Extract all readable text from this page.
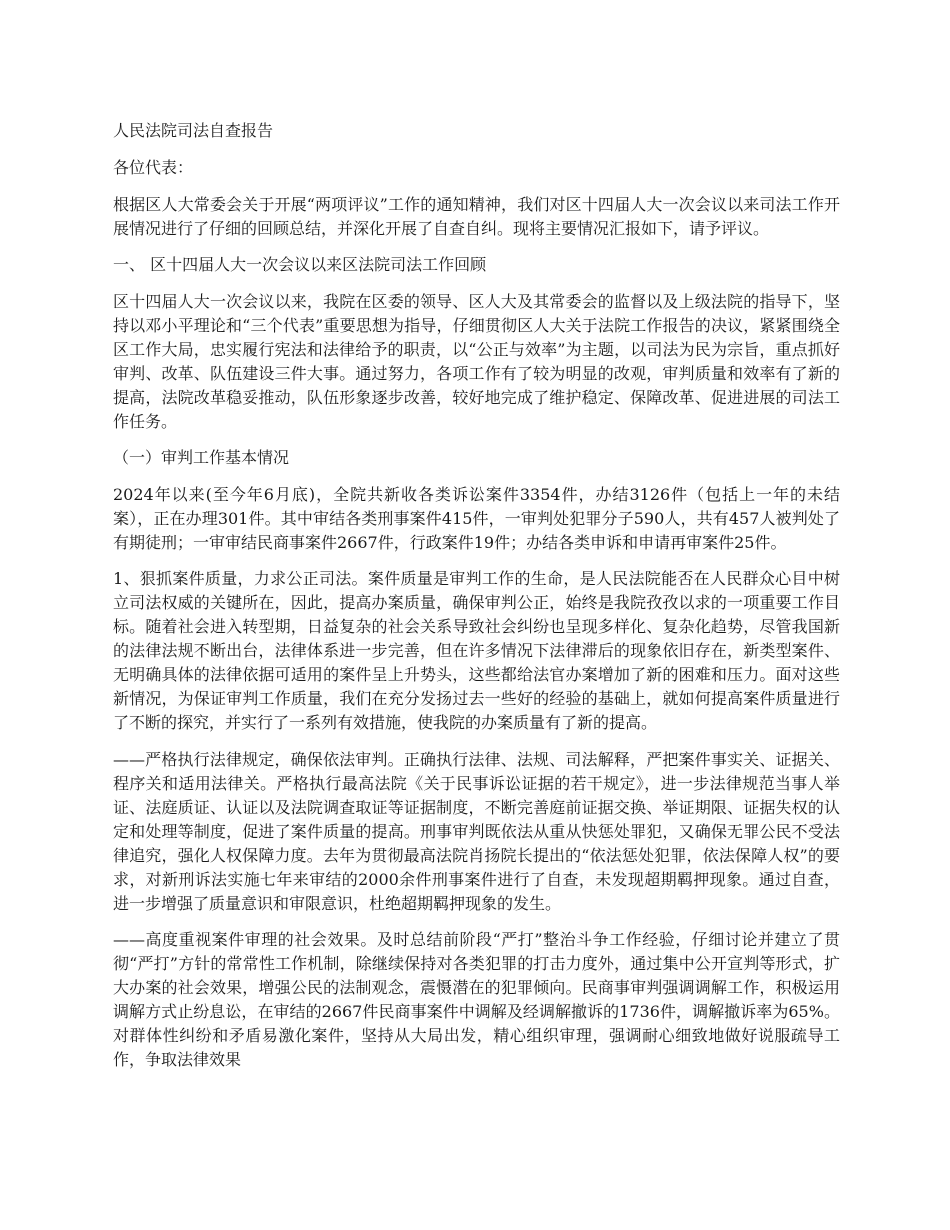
人民法院司法自查报告

各位代表：

根据区人大常委会关于开展“两项评议”工作的通知精神，我们对区十四届人大一次会议以来司法工作开展情况进行了仔细的回顾总结，并深化开展了自查自纠。现将主要情况汇报如下，请予评议。

一、 区十四届人大一次会议以来区法院司法工作回顾

区十四届人大一次会议以来，我院在区委的领导、区人大及其常委会的监督以及上级法院的指导下，坚持以邓小平理论和“三个代表”重要思想为指导，仔细贯彻区人大关于法院工作报告的决议，紧紧围绕全区工作大局，忠实履行宪法和法律给予的职责，以“公正与效率”为主题，以司法为民为宗旨，重点抓好审判、改革、队伍建设三件大事。通过努力，各项工作有了较为明显的改观，审判质量和效率有了新的提高，法院改革稳妥推动，队伍形象逐步改善，较好地完成了维护稳定、保障改革、促进进展的司法工作任务。

（一）审判工作基本情况

2024年以来(至今年6月底)，全院共新收各类诉讼案件3354件，办结3126件（包括上一年的未结案），正在办理301件。其中审结各类刑事案件415件，一审判处犯罪分子590人，共有457人被判处了有期徒刑；一审审结民商事案件2667件，行政案件19件；办结各类申诉和申请再审案件25件。

1、狠抓案件质量，力求公正司法。案件质量是审判工作的生命，是人民法院能否在人民群众心目中树立司法权威的关键所在，因此，提高办案质量，确保审判公正，始终是我院孜孜以求的一项重要工作目标。随着社会进入转型期，日益复杂的社会关系导致社会纠纷也呈现多样化、复杂化趋势，尽管我国新的法律法规不断出台，法律体系进一步完善，但在许多情况下法律滞后的现象依旧存在，新类型案件、无明确具体的法律依据可适用的案件呈上升势头，这些都给法官办案增加了新的困难和压力。面对这些新情况，为保证审判工作质量，我们在充分发扬过去一些好的经验的基础上，就如何提高案件质量进行了不断的探究，并实行了一系列有效措施，使我院的办案质量有了新的提高。

——严格执行法律规定，确保依法审判。正确执行法律、法规、司法解释，严把案件事实关、证据关、程序关和适用法律关。严格执行最高法院《关于民事诉讼证据的若干规定》，进一步法律规范当事人举证、法庭质证、认证以及法院调查取证等证据制度，不断完善庭前证据交换、举证期限、证据失权的认定和处理等制度，促进了案件质量的提高。刑事审判既依法从重从快惩处罪犯，又确保无罪公民不受法律追究，强化人权保障力度。去年为贯彻最高法院肖扬院长提出的“依法惩处犯罪，依法保障人权”的要求，对新刑诉法实施七年来审结的2000余件刑事案件进行了自查，未发现超期羁押现象。通过自查，进一步增强了质量意识和审限意识，杜绝超期羁押现象的发生。

——高度重视案件审理的社会效果。及时总结前阶段“严打”整治斗争工作经验，仔细讨论并建立了贯彻“严打”方针的常常性工作机制，除继续保持对各类犯罪的打击力度外，通过集中公开宣判等形式，扩大办案的社会效果，增强公民的法制观念，震慑潜在的犯罪倾向。民商事审判强调调解工作，积极运用调解方式止纷息讼，在审结的2667件民商事案件中调解及经调解撤诉的1736件，调解撤诉率为65%。对群体性纠纷和矛盾易激化案件，坚持从大局出发，精心组织审理，强调耐心细致地做好说服疏导工作，争取法律效果
